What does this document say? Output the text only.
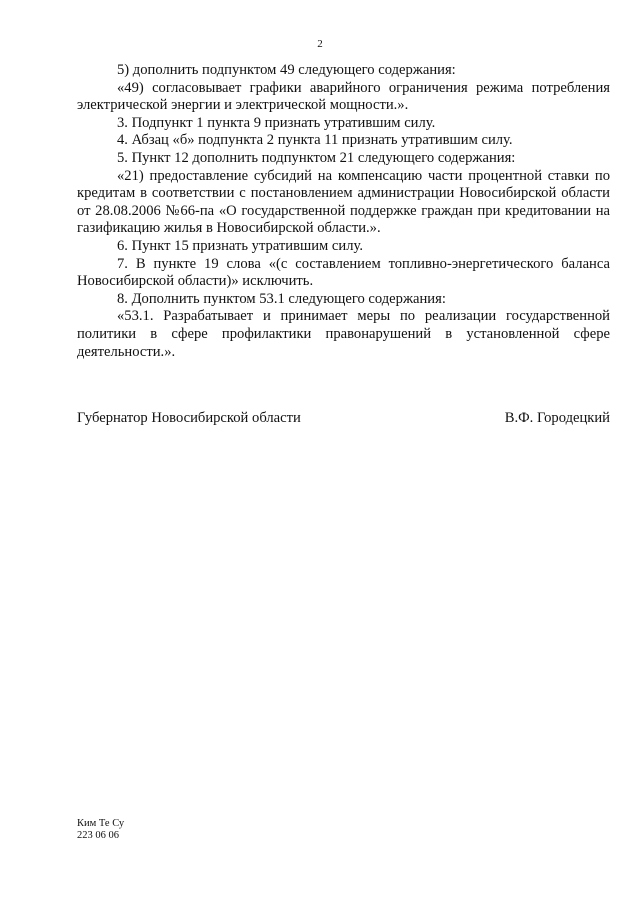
2

5) дополнить подпунктом 49 следующего содержания:

«49) согласовывает графики аварийного ограничения режима потребления электрической энергии и электрической мощности.».

3. Подпункт 1 пункта 9 признать утратившим силу.

4. Абзац «б» подпункта 2 пункта 11 признать утратившим силу.

5. Пункт 12 дополнить подпунктом 21 следующего содержания:

«21) предоставление субсидий на компенсацию части процентной ставки по кредитам в соответствии с постановлением администрации Новосибирской области от 28.08.2006 №66-па «О государственной поддержке граждан при кредитовании на газификацию жилья в Новосибирской области.».

6. Пункт 15 признать утратившим силу.

7. В пункте 19 слова «(с составлением топливно-энергетического баланса Новосибирской области)» исключить.

8. Дополнить пунктом 53.1 следующего содержания:

«53.1. Разрабатывает и принимает меры по реализации государственной политики в сфере профилактики правонарушений в установленной сфере деятельности.».

Губернатор Новосибирской области	В.Ф. Городецкий
Ким Те Су
223 06 06
